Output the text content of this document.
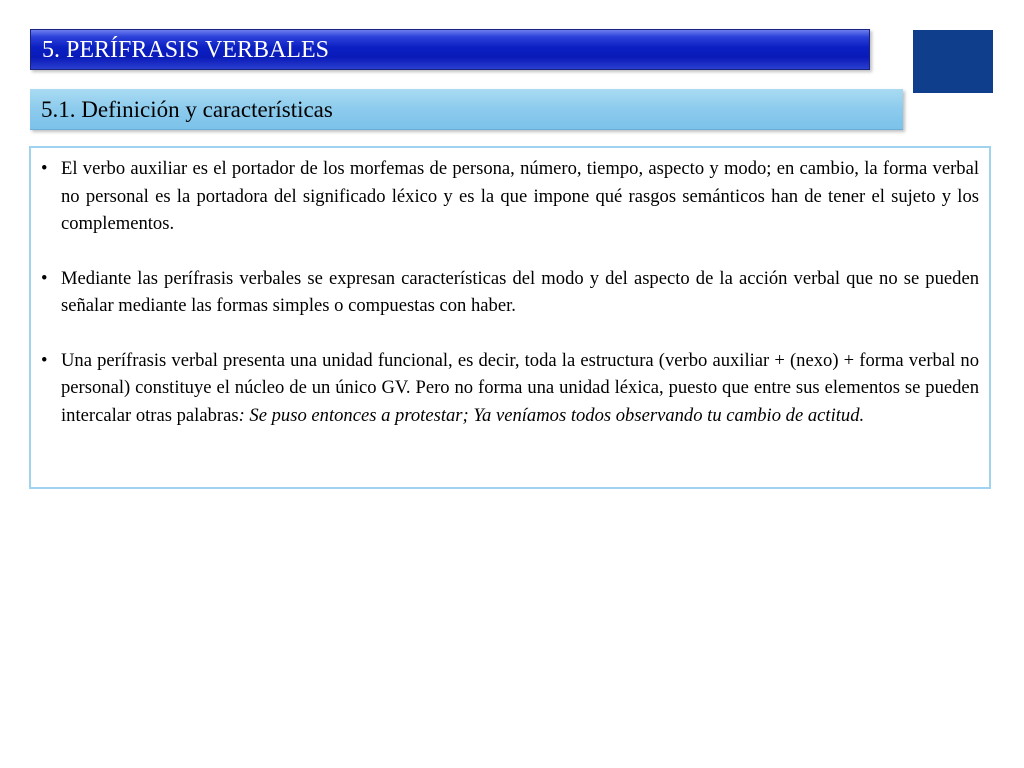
5. PERÍFRASIS VERBALES
5.1. Definición y características
• El verbo auxiliar es el portador de los morfemas de persona, número, tiempo, aspecto y modo; en cambio, la forma verbal no personal es la portadora del significado léxico y es la que impone qué rasgos semánticos han de tener el sujeto y los complementos.
• Mediante las perífrasis verbales se expresan características del modo y del aspecto de la acción verbal que no se pueden señalar mediante las formas simples o compuestas con haber.
• Una perífrasis verbal presenta una unidad funcional, es decir, toda la estructura (verbo auxiliar + (nexo) + forma verbal no personal) constituye el núcleo de un único GV. Pero no forma una unidad léxica, puesto que entre sus elementos se pueden intercalar otras palabras: Se puso entonces a protestar; Ya veníamos todos observando tu cambio de actitud.
